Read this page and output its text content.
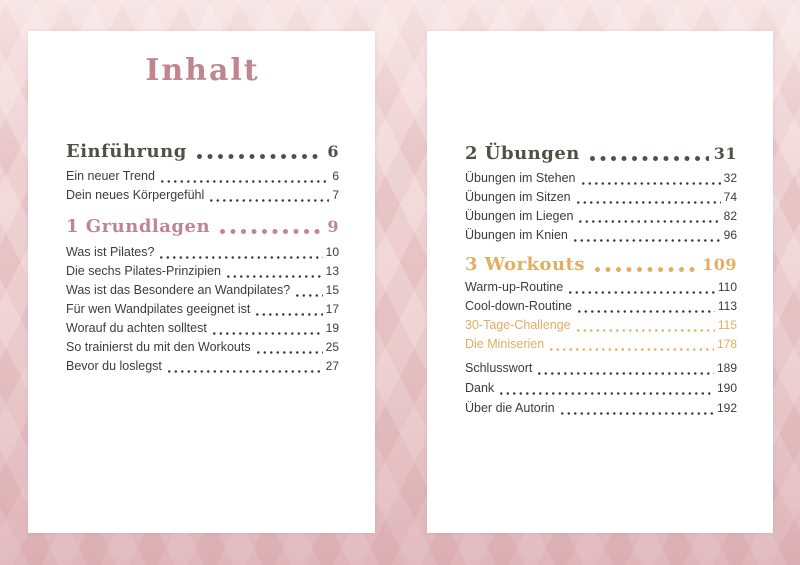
Inhalt
Einführung	6
Ein neuer Trend	6
Dein neues Körpergefühl	7
1 Grundlagen	9
Was ist Pilates?	10
Die sechs Pilates-Prinzipien	13
Was ist das Besondere an Wandpilates?	15
Für wen Wandpilates geeignet ist	17
Worauf du achten solltest	19
So trainierst du mit den Workouts	25
Bevor du loslegst	27
2 Übungen	31
Übungen im Stehen	32
Übungen im Sitzen	74
Übungen im Liegen	82
Übungen im Knien	96
3 Workouts	109
Warm-up-Routine	110
Cool-down-Routine	113
30-Tage-Challenge	115
Die Miniserien	178
Schlusswort	189
Dank	190
Über die Autorin	192
